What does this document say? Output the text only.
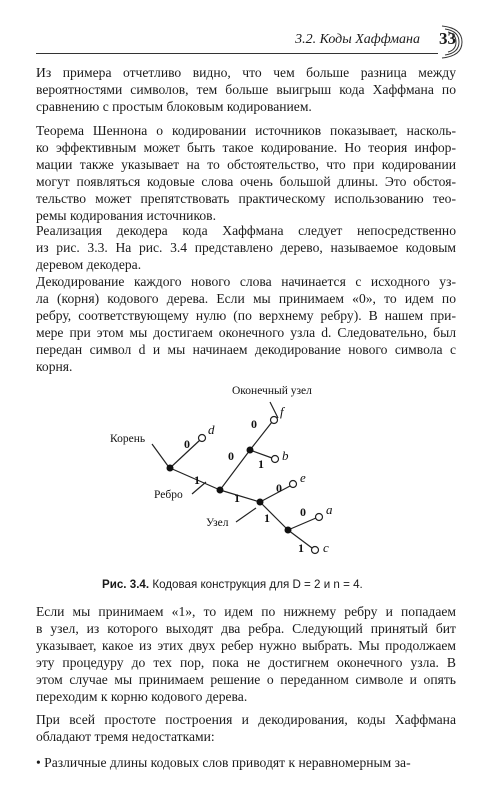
3.2. Коды Хаффмана 33
Из примера отчетливо видно, что чем больше разница между
вероятностями символов, тем больше выигрыш кода Хаффмана по
сравнению с простым блоковым кодированием.
Теорема Шеннона о кодировании источников показывает, насколь-
ко эффективным может быть такое кодирование. Но теория инфор-
мации также указывает на то обстоятельство, что при кодировании
могут появляться кодовые слова очень большой длины. Это обстоя-
тельство может препятствовать практическому использованию тео-
ремы кодирования источников.
Реализация декодера кода Хаффмана следует непосредственно
из рис. 3.3. На рис. 3.4 представлено дерево, называемое кодовым
деревом декодера.
Декодирование каждого нового слова начинается с исходного уз-
ла (корня) кодового дерева. Если мы принимаем «0», то идем по
ребру, соответствующему нулю (по верхнему ребру). В нашем при-
мере при этом мы достигаем оконечного узла d. Следовательно, был
передан символ d и мы начинаем декодирование нового символа с
корня.
d
f
b
e
a
c
0
1
0
1
0
1
0
1	0
1
Оконечный узел
Корень
Ребро
Узел
Рис. 3.4. Кодовая конструкция для D = 2 и n = 4.
Если мы принимаем «1», то идем по нижнему ребру и попадаем
в узел, из которого выходят два ребра. Следующий принятый бит
указывает, какое из этих двух ребер нужно выбрать. Мы продолжаем
эту процедуру до тех пор, пока не достигнем оконечного узла. В
этом случае мы принимаем решение о переданном символе и опять
переходим к корню кодового дерева.
При всей простоте построения и декодирования, коды Хаффмана
обладают тремя недостатками:
• Различные длины кодовых слов приводят к неравномерным за-
